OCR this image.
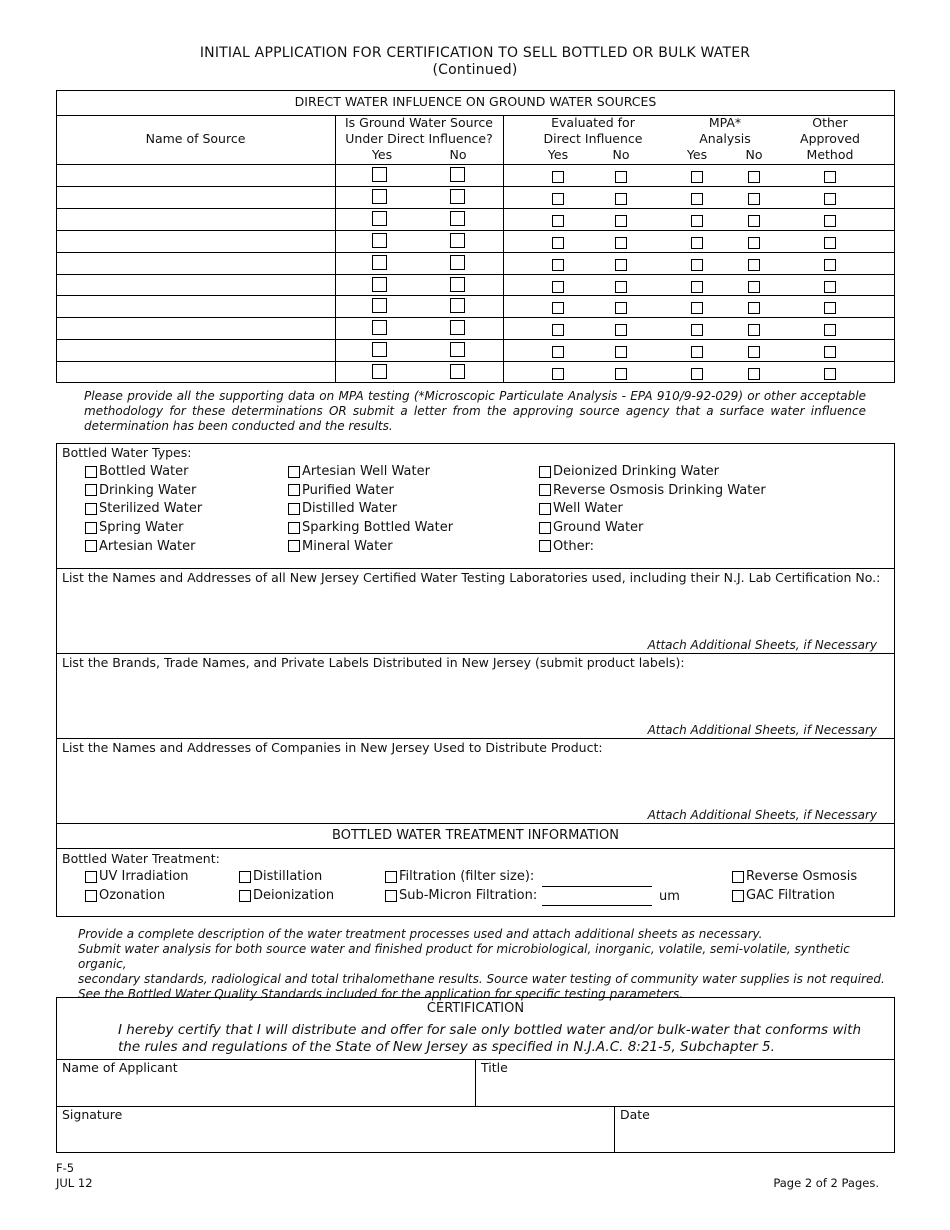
INITIAL APPLICATION FOR CERTIFICATION TO SELL BOTTLED OR BULK WATER
(Continued)
DIRECT WATER INFLUENCE ON GROUND WATER SOURCES
Name of Source
Is Ground Water Source
Under Direct Influence?
Yes	No
Evaluated for
Direct Influence
Yes	No
MPA*
Analysis
Yes	No
Other
Approved
Method
Please provide all the supporting data on MPA testing (*Microscopic Particulate Analysis - EPA 910/9-92-029) or other acceptable methodology for these determinations OR submit a letter from the approving source agency that a surface water influence determination has been conducted and the results.
Bottled Water Types:
Bottled Water
Drinking Water
Sterilized Water
Spring Water
Artesian Water
Artesian Well Water
Purified Water
Distilled Water
Sparking Bottled Water
Mineral Water
Deionized Drinking Water
Reverse Osmosis Drinking Water
Well Water
Ground Water
Other:
List the Names and Addresses of all New Jersey Certified Water Testing Laboratories used, including their N.J. Lab Certification No.:
Attach Additional Sheets, if Necessary
List the Brands, Trade Names, and Private Labels Distributed in New Jersey (submit product labels):
Attach Additional Sheets, if Necessary
List the Names and Addresses of Companies in New Jersey Used to Distribute Product:
Attach Additional Sheets, if Necessary
BOTTLED WATER TREATMENT INFORMATION
Bottled Water Treatment:
UV Irradiation
Ozonation
Distillation
Deionization
Filtration (filter size):
Sub-Micron Filtration:	um
Reverse Osmosis
GAC Filtration
Provide a complete description of the water treatment processes used and attach additional sheets as necessary.
Submit water analysis for both source water and finished product for microbiological, inorganic, volatile, semi-volatile, synthetic organic,
secondary standards, radiological and total trihalomethane results. Source water testing of community water supplies is not required.
See the Bottled Water Quality Standards included for the application for specific testing parameters.
CERTIFICATION
I hereby certify that I will distribute and offer for sale only bottled water and/or bulk-water that conforms with
the rules and regulations of the State of New Jersey as specified in N.J.A.C. 8:21-5, Subchapter 5.
Name of Applicant	Title
Signature	Date
F-5
JUL 12	Page 2 of 2 Pages.
